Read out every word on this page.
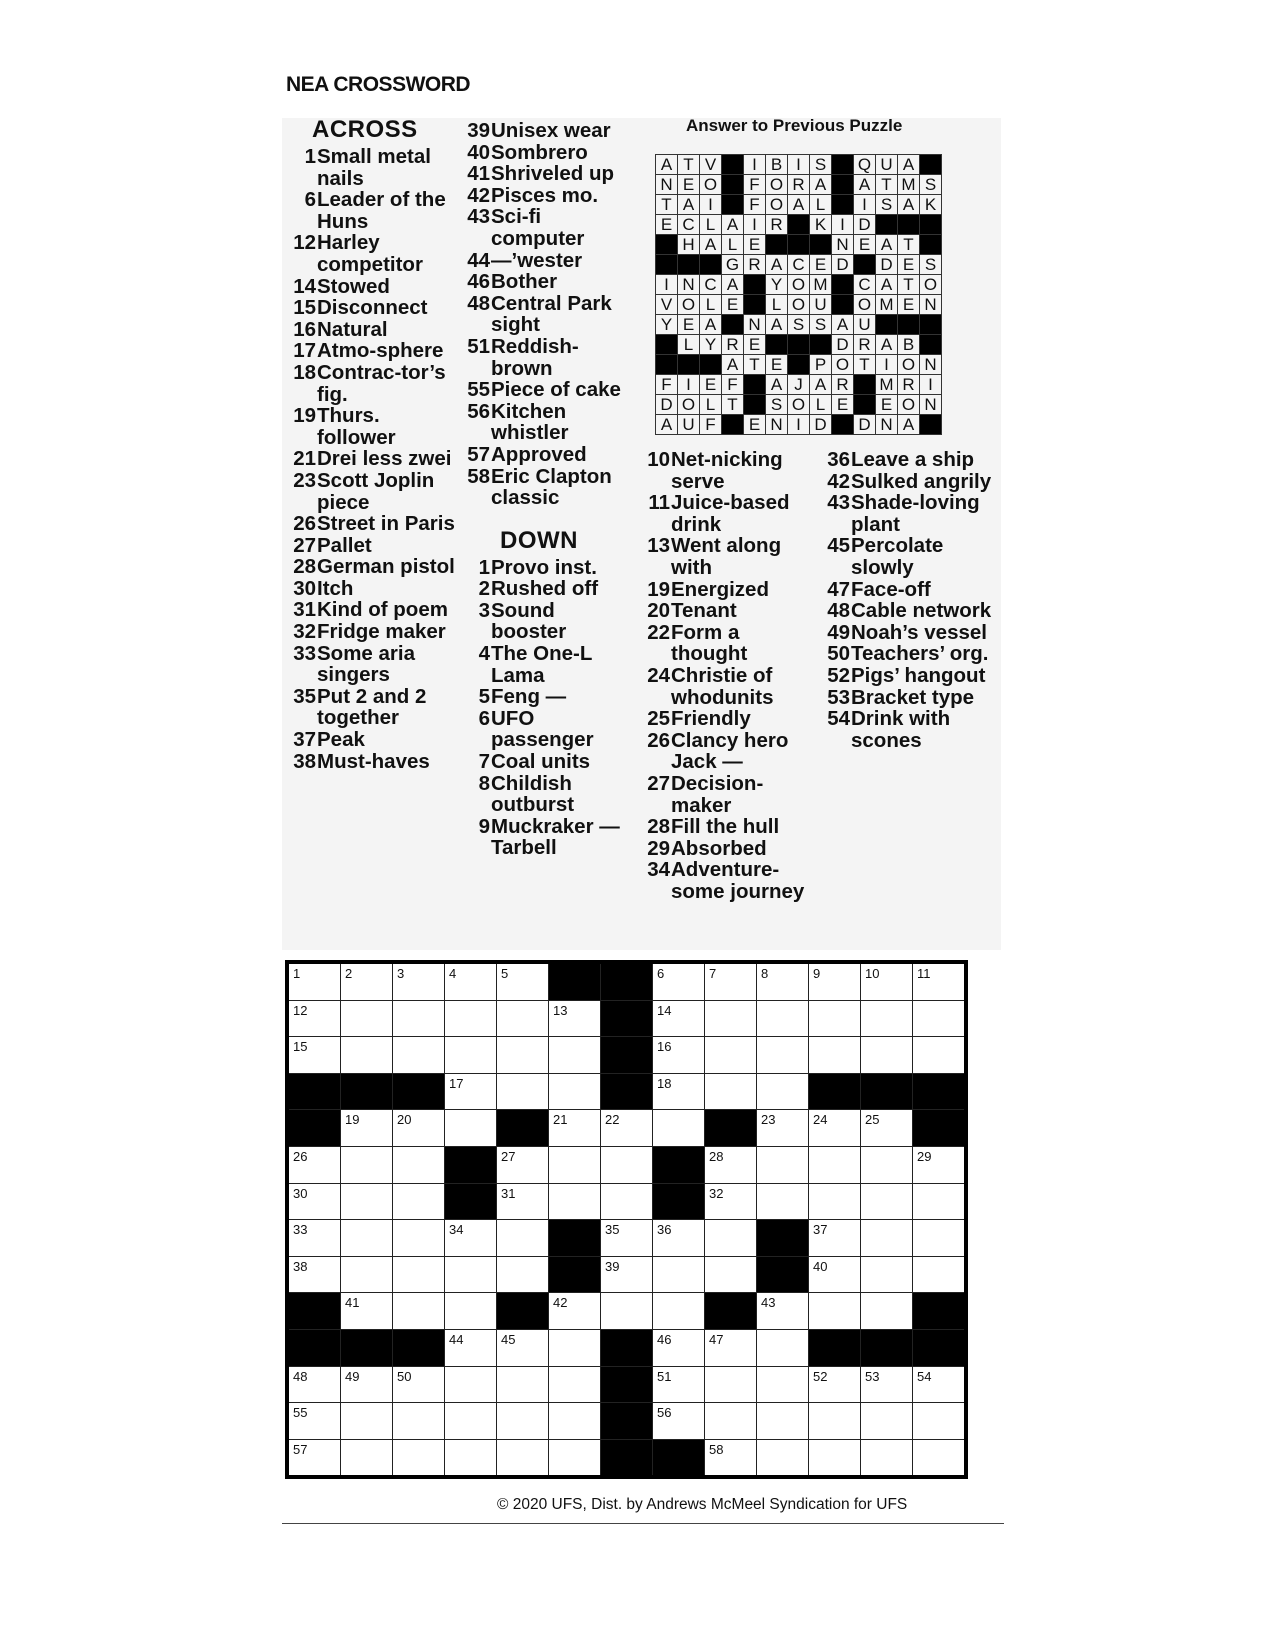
NEA CROSSWORD
ACROSS
1 Small metal nails
6 Leader of the Huns
12 Harley competitor
14 Stowed
15 Disconnect
16 Natural
17 Atmo-sphere
18 Contrac-tor’s fig.
19 Thurs. follower
21 Drei less zwei
23 Scott Joplin piece
26 Street in Paris
27 Pallet
28 German pistol
30 Itch
31 Kind of poem
32 Fridge maker
33 Some aria singers
35 Put 2 and 2 together
37 Peak
38 Must-haves
39 Unisex wear
40 Sombrero
41 Shriveled up
42 Pisces mo.
43 Sci-fi computer
44 —’wester
46 Bother
48 Central Park sight
51 Reddish-brown
55 Piece of cake
56 Kitchen whistler
57 Approved
58 Eric Clapton classic
DOWN
1 Provo inst.
2 Rushed off
3 Sound booster
4 The One-L Lama
5 Feng —
6 UFO passenger
7 Coal units
8 Childish outburst
9 Muckraker — Tarbell
Answer to Previous Puzzle
A	T	V		I	B	I	S		Q	U	A	
N	E	O		F	O	R	A		A	T	M	S
T	A	I		F	O	A	L		I	S	A	K
E	C	L	A	I	R		K	I	D			
	H	A	L	E				N	E	A	T	
			G	R	A	C	E	D		D	E	S
I	N	C	A		Y	O	M		C	A	T	O
V	O	L	E		L	O	U		O	M	E	N
Y	E	A		N	A	S	S	A	U			
	L	Y	R	E				D	R	A	B	
			A	T	E		P	O	T	I	O	N
F	I	E	F		A	J	A	R		M	R	I
D	O	L	T		S	O	L	E		E	O	N
A	U	F		E	N	I	D		D	N	A	
10 Net-nicking serve
11 Juice-based drink
13 Went along with
19 Energized
20 Tenant
22 Form a thought
24 Christie of whodunits
25 Friendly
26 Clancy hero Jack —
27 Decision-maker
28 Fill the hull
29 Absorbed
34 Adventure-some journey
36 Leave a ship
42 Sulked angrily
43 Shade-loving plant
45 Percolate slowly
47 Face-off
48 Cable network
49 Noah’s vessel
50 Teachers’ org.
52 Pigs’ hangout
53 Bracket type
54 Drink with scones
1	2	3	4	5			6	7	8	9	10	11

12					13		14					

15							16					

			17				18					

	19	20			21	22			23	24	25	

26				27				28				29

30				31				32				

33			34			35	36			37		

38						39				40		

	41				42				43			

			44	45			46	47				

48	49	50					51			52	53	54

55							56					

57								58				

© 2020 UFS, Dist. by Andrews McMeel Syndication for UFS
